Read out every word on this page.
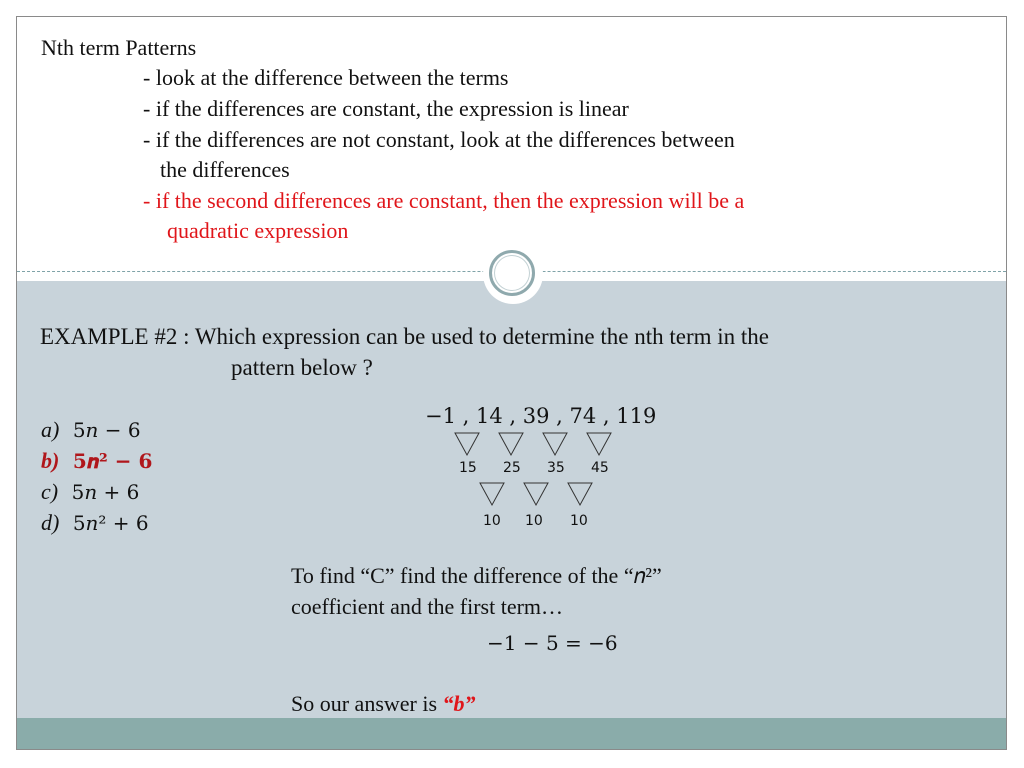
Nth term Patterns
- look at the difference between the terms
- if the differences are constant, the expression is linear
- if the differences are not constant, look at the differences between
the differences
- if the second differences are constant, then the expression will be a
quadratic expression
EXAMPLE #2 : Which expression can be used to determine the nth term in the
pattern below ?
a) 5𝑛 − 6
b) 𝟓𝒏² − 𝟔
c) 5𝑛 + 6
d) 5𝑛² + 6
−1 , 14 , 39 , 74 , 119
15 25 35 45
10 10 10
To find “C” find the difference of the “𝑛²”
coefficient and the first term…
−1 − 5 = −6
So our answer is “b”
